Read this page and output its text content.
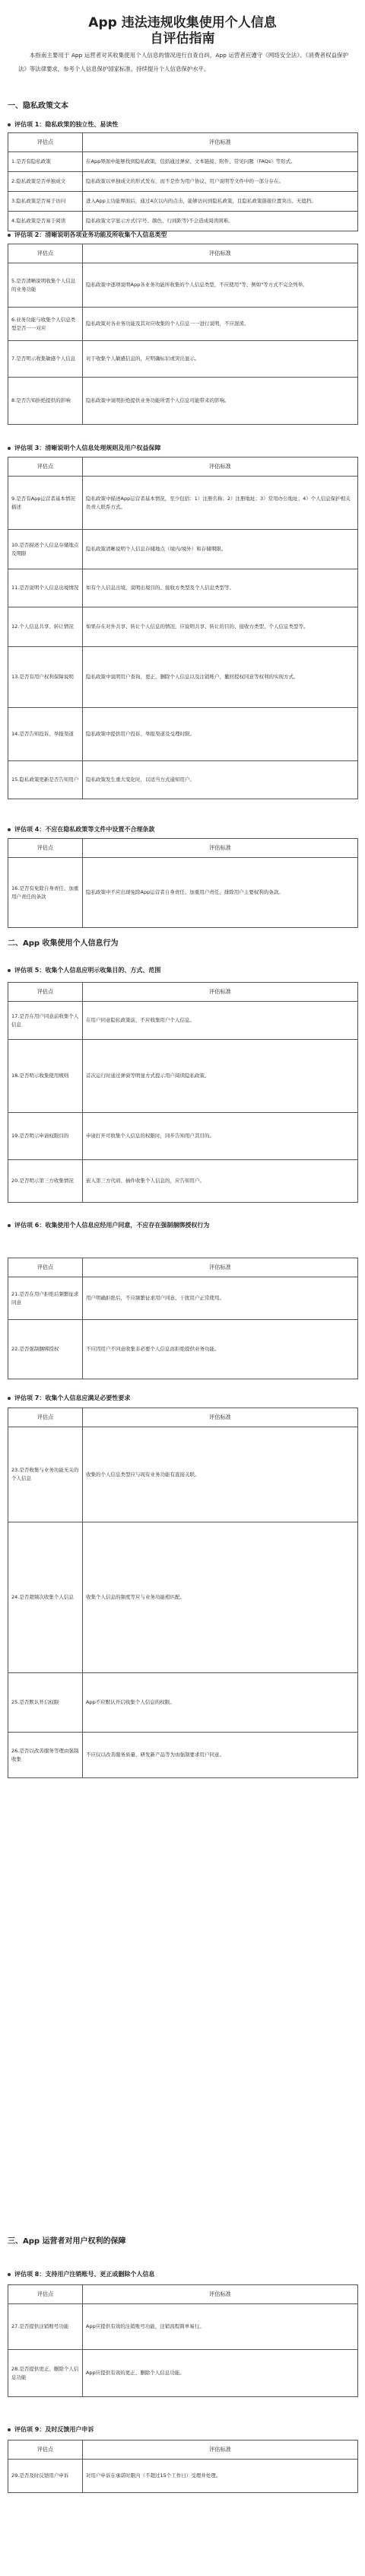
App 违法违规收集使用个人信息
自评估指南
本指南主要用于 App 运营者对其收集使用个人信息的情况进行自查自纠，App 运营者应遵守《网络安全法》、《消费者权益保护法》等法律要求，参考个人信息保护国家标准，持续提升个人信息保护水平。
一、隐私政策文本
评估项 1：隐私政策的独立性、易读性
评估点	评估标准
1.是否有隐私政策	在App界面中能够找到隐私政策，包括通过弹窗、文本链接、附件、常见问题（FAQs）等形式。
2.隐私政策是否单独成文	隐私政策以单独成文的形式发布，而不是作为用户协议、用户说明等文件中的一部分存在。
3.隐私政策是否易于访问	进入App主功能界面后，通过4次以内的点击，能够访问到隐私政策，且隐私政策链接位置突出、无遮挡。
4.隐私政策是否易于阅读	隐私政策文字显示方式(字号、颜色、行间距等)不会造成阅读困难。
评估项 2：清晰说明各项业务功能及所收集个人信息类型
评估点	评估标准
5.是否清晰说明收集个人信息的业务功能	隐私政策中逐项说明App各业务功能所收集的个人信息类型，不应使用"等、例如"等方式不完全列举。
6.业务功能与收集个人信息类型是否一一对应	隐私政策对各业务功能及其对应收集的个人信息一一进行说明，不应混淆。
7.是否明示收集敏感个人信息	对于收集个人敏感信息的，应明确标识或突出显示。
8.是否告知拒绝提供的影响	隐私政策中说明拒绝提供业务功能所需个人信息可能带来的影响。
评估项 3：清晰说明个人信息处理规则及用户权益保障
评估点	评估标准
9.是否有App运营者基本情况描述	隐私政策中描述App运营者基本情况，至少包括：1）注册名称；2）注册地址；3）常用办公地址；4）个人信息保护相关负责人联系方式。
10.是否描述个人信息存储地点及期限	隐私政策清晰说明个人信息存储地点（境内/境外）和存储期限。
11.是否说明个人信息出境情况	如有个人信息出境，说明出境目的、接收方类型及个人信息类型等。
12.个人信息共享、转让情况	如果存在对外共享、转让个人信息的情况，应说明共享、转让的目的、接收方类型、个人信息类型等。
13.是否有用户权利保障说明	隐私政策中说明用户查询、更正、删除个人信息以及注销账户、撤回授权同意等权利的实现方式。
14.是否告知投诉、举报渠道	隐私政策中提供用户投诉、举报渠道及受理时限。
15.隐私政策更新是否告知用户	隐私政策发生重大变化时，以适当方式通知用户。
评估项 4：不应在隐私政策等文件中设置不合理条款
评估点	评估标准
16.是否有免除自身责任、加重用户责任的条款	隐私政策中不应出现免除App运营者自身责任、加重用户责任、排除用户主要权利的条款。
二、App 收集使用个人信息行为
评估项 5：收集个人信息应明示收集目的、方式、范围
评估点	评估标准
17.是否在用户同意前收集个人信息	在用户同意隐私政策前，不应收集用户个人信息。
18.是否明示收集使用规则	首次运行时通过弹窗等明显方式提示用户阅读隐私政策。
19.是否明示申请权限目的	申请打开可收集个人信息的权限时，同步告知用户其目的。
20.是否明示第三方收集情况	嵌入第三方代码、插件收集个人信息的，应告知用户。
评估项 6：收集使用个人信息应经用户同意，不应存在强制捆绑授权行为
评估点	评估标准
21.是否在用户拒绝后频繁征求同意	用户明确拒绝后，不应频繁征求用户同意、干扰用户正常使用。
22.是否强制捆绑授权	不应因用户不同意收集非必要个人信息而拒绝提供业务功能。
评估项 7：收集个人信息应满足必要性要求
评估点	评估标准
23.是否收集与业务功能无关的个人信息	收集的个人信息类型应与现有业务功能有直接关联。
24.是否超频次收集个人信息	收集个人信息的频度等应与业务功能相匹配。
25.是否默认开启权限	App不应默认开启收集个人信息的权限。
26.是否以改善服务等理由强制收集	不应仅以改善服务质量、研发新产品等为由强制要求用户同意。
三、App 运营者对用户权利的保障
评估项 8：支持用户注销账号、更正或删除个人信息
评估点	评估标准
27.是否提供注销账号功能	App应提供有效的注销账号功能，注销流程简单易行。
28.是否提供更正、删除个人信息功能	App应提供有效的更正、删除个人信息功能。
评估项 9：及时反馈用户申诉
评估点	评估标准
29.是否及时反馈用户申诉	对用户申诉在承诺时限内（不超过15个工作日）受理并处理。
